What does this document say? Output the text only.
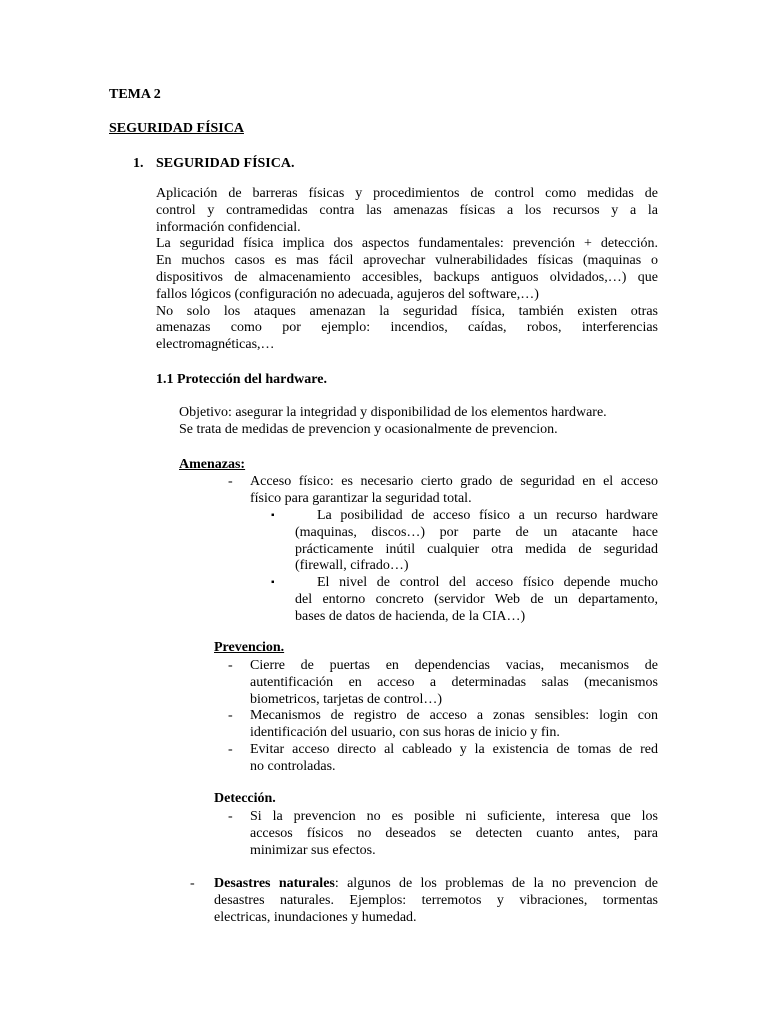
TEMA 2
SEGURIDAD FÍSICA
1. SEGURIDAD FÍSICA.
Aplicación de barreras físicas y procedimientos de control como medidas de
control y contramedidas contra las amenazas físicas a los recursos y a la
información confidencial.
La seguridad física implica dos aspectos fundamentales: prevención + detección.
En muchos casos es mas fácil aprovechar vulnerabilidades físicas (maquinas o
dispositivos de almacenamiento accesibles, backups antiguos olvidados,…) que
fallos lógicos (configuración no adecuada, agujeros del software,…)
No solo los ataques amenazan la seguridad física, también existen otras
amenazas como por ejemplo: incendios, caídas, robos, interferencias
electromagnéticas,…
1.1 Protección del hardware.
Objetivo: asegurar la integridad y disponibilidad de los elementos hardware.
Se trata de medidas de prevencion y ocasionalmente de prevencion.
Amenazas:
- Acceso físico: es necesario cierto grado de seguridad en el acceso
físico para garantizar la seguridad total.
▪	La posibilidad de acceso físico a un recurso hardware
(maquinas, discos…) por parte de un atacante hace
prácticamente inútil cualquier otra medida de seguridad
(firewall, cifrado…)
▪	El nivel de control del acceso físico depende mucho
del entorno concreto (servidor Web de un departamento,
bases de datos de hacienda, de la CIA…)
Prevencion.
- Cierre de puertas en dependencias vacias, mecanismos de
autentificación en acceso a determinadas salas (mecanismos
biometricos, tarjetas de control…)
- Mecanismos de registro de acceso a zonas sensibles: login con
identificación del usuario, con sus horas de inicio y fin.
- Evitar acceso directo al cableado y la existencia de tomas de red
no controladas.
Detección.
- Si la prevencion no es posible ni suficiente, interesa que los
accesos físicos no deseados se detecten cuanto antes, para
minimizar sus efectos.
- Desastres naturales: algunos de los problemas de la no prevencion de
desastres naturales. Ejemplos: terremotos y vibraciones, tormentas
electricas, inundaciones y humedad.
